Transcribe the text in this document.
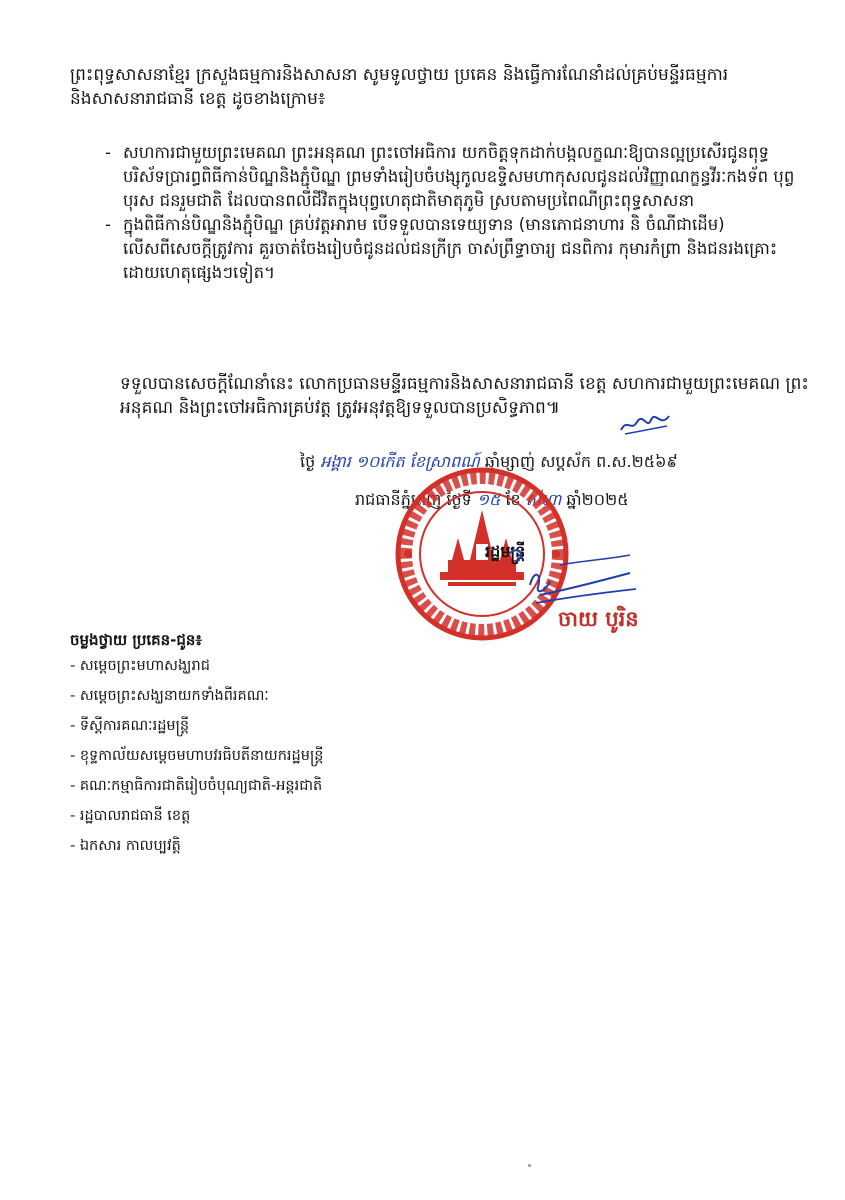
ព្រះពុទ្ធសាសនាខ្មែរ ក្រសួងធម្មការនិងសាសនា សូមទូលថ្វាយ ប្រគេន និងធ្វើការណែនាំដល់គ្រប់មន្ទីរធម្មការ

និងសាសនារាជធានី ខេត្ត ដូចខាងក្រោម៖

- សហការជាមួយព្រះមេគណ ព្រះអនុគណ ព្រះចៅអធិការ យកចិត្តទុកដាក់បង្កលក្ខណៈឱ្យបានល្អប្រសើរជូនពុទ្ធបរិស័ទប្រារព្ធពិធីកាន់បិណ្ឌនិងភ្ជុំបិណ្ឌ ព្រមទាំងរៀបចំបង្សុកូលឧទ្ទិសមហាកុសលជូនដល់វិញ្ញាណក្ខន្ធវីរៈកងទ័ព បុព្វបុរស ជនរួមជាតិ ដែលបានពលីជីវិតក្នុងបុព្វហេតុជាតិមាតុភូមិ ស្របតាមប្រពៃណីព្រះពុទ្ធសាសនា
- ក្នុងពិធីកាន់បិណ្ឌនិងភ្ជុំបិណ្ឌ គ្រប់វត្តអារាម បើទទួលបានទេយ្យទាន (មានភោជនាហារ និ ចំណីជាដើម) លើសពីសេចក្តីត្រូវការ គួរចាត់ចែងរៀបចំជូនដល់ជនក្រីក្រ ចាស់ព្រឹទ្ធាចារ្យ ជនពិការ កុមារកំព្រា និងជនរងគ្រោះដោយហេតុផ្សេងៗទៀត។

ទទួលបានសេចក្តីណែនាំនេះ លោកប្រធានមន្ទីរធម្មការនិងសាសនារាជធានី ខេត្ត សហការជាមួយព្រះមេគណ ព្រះអនុគណ និងព្រះចៅអធិការគ្រប់វត្ត ត្រូវអនុវត្តឱ្យទទួលបានប្រសិទ្ធភាព៕

ថ្ងៃ អង្គារ ១០កើត ខែស្រាពណ៍ ឆ្នាំម្សាញ់ សប្តស័ក ព.ស.២៥៦៩
រាជធានីភ្នំពេញ ថ្ងៃទី ១៥ ខែ សីហា ឆ្នាំ២០២៥
រដ្ឋមន្ត្រី
ចាយ បូរិន
ចម្លងថ្វាយ ប្រគេន-ជូន៖
- សម្តេចព្រះមហាសង្ឃរាជ
- សម្តេចព្រះសង្ឃនាយកទាំងពីរគណៈ
- ទីស្តីការគណៈរដ្ឋមន្ត្រី
- ខុទ្ទកាល័យសម្តេចមហាបវរធិបតីនាយករដ្ឋមន្ត្រី
- គណៈកម្មាធិការជាតិរៀបចំបុណ្យជាតិ-អន្តរជាតិ
- រដ្ឋបាលរាជធានី ខេត្ត
- ឯកសារ កាលប្បវត្តិ
